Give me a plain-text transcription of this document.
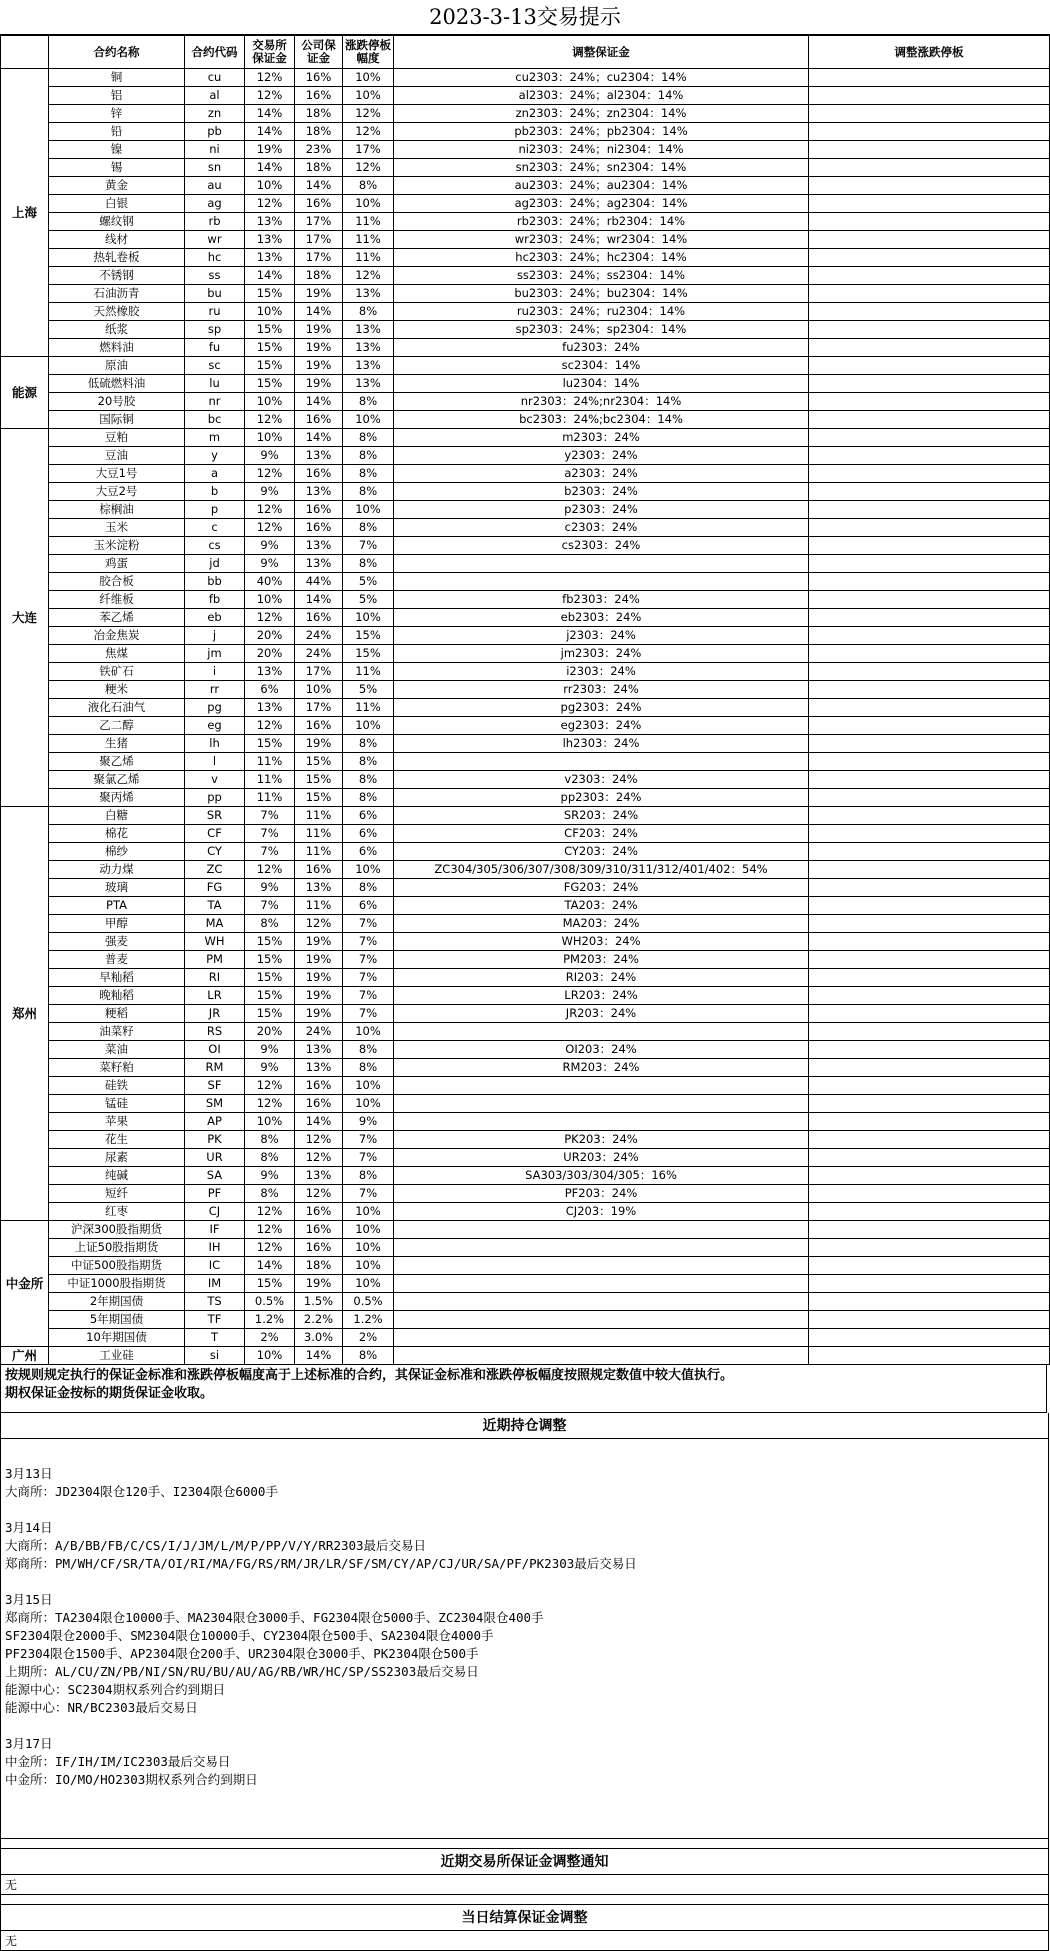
2023-3-13交易提示
	合约名称	合约代码	交易所保证金	公司保证金	涨跌停板幅度	调整保证金	调整涨跌停板
上海	铜	cu	12%	16%	10%	cu2303：24%；cu2304：14%	
	铝	al	12%	16%	10%	al2303：24%；al2304：14%	
	锌	zn	14%	18%	12%	zn2303：24%；zn2304：14%	
	铅	pb	14%	18%	12%	pb2303：24%；pb2304：14%	
	镍	ni	19%	23%	17%	ni2303：24%；ni2304：14%	
	锡	sn	14%	18%	12%	sn2303：24%；sn2304：14%	
	黄金	au	10%	14%	8%	au2303：24%；au2304：14%	
	白银	ag	12%	16%	10%	ag2303：24%；ag2304：14%	
	螺纹钢	rb	13%	17%	11%	rb2303：24%；rb2304：14%	
	线材	wr	13%	17%	11%	wr2303：24%；wr2304：14%	
	热轧卷板	hc	13%	17%	11%	hc2303：24%；hc2304：14%	
	不锈钢	ss	14%	18%	12%	ss2303：24%；ss2304：14%	
	石油沥青	bu	15%	19%	13%	bu2303：24%；bu2304：14%	
	天然橡胶	ru	10%	14%	8%	ru2303：24%；ru2304：14%	
	纸浆	sp	15%	19%	13%	sp2303：24%；sp2304：14%	
	燃料油	fu	15%	19%	13%	fu2303：24%	
能源	原油	sc	15%	19%	13%	sc2304：14%	
	低硫燃料油	lu	15%	19%	13%	lu2304：14%	
	20号胶	nr	10%	14%	8%	nr2303：24%;nr2304：14%	
	国际铜	bc	12%	16%	10%	bc2303：24%;bc2304：14%	
大连	豆粕	m	10%	14%	8%	m2303：24%	
	豆油	y	9%	13%	8%	y2303：24%	
	大豆1号	a	12%	16%	8%	a2303：24%	
	大豆2号	b	9%	13%	8%	b2303：24%	
	棕榈油	p	12%	16%	10%	p2303：24%	
	玉米	c	12%	16%	8%	c2303：24%	
	玉米淀粉	cs	9%	13%	7%	cs2303：24%	
	鸡蛋	jd	9%	13%	8%		
	胶合板	bb	40%	44%	5%		
	纤维板	fb	10%	14%	5%	fb2303：24%	
	苯乙烯	eb	12%	16%	10%	eb2303：24%	
	冶金焦炭	j	20%	24%	15%	j2303：24%	
	焦煤	jm	20%	24%	15%	jm2303：24%	
	铁矿石	i	13%	17%	11%	i2303：24%	
	粳米	rr	6%	10%	5%	rr2303：24%	
	液化石油气	pg	13%	17%	11%	pg2303：24%	
	乙二醇	eg	12%	16%	10%	eg2303：24%	
	生猪	lh	15%	19%	8%	lh2303：24%	
	聚乙烯	l	11%	15%	8%		
	聚氯乙烯	v	11%	15%	8%	v2303：24%	
	聚丙烯	pp	11%	15%	8%	pp2303：24%	
郑州	白糖	SR	7%	11%	6%	SR203：24%	
	棉花	CF	7%	11%	6%	CF203：24%	
	棉纱	CY	7%	11%	6%	CY203：24%	
	动力煤	ZC	12%	16%	10%	ZC304/305/306/307/308/309/310/311/312/401/402：54%	
	玻璃	FG	9%	13%	8%	FG203：24%	
	PTA	TA	7%	11%	6%	TA203：24%	
	甲醇	MA	8%	12%	7%	MA203：24%	
	强麦	WH	15%	19%	7%	WH203：24%	
	普麦	PM	15%	19%	7%	PM203：24%	
	早籼稻	RI	15%	19%	7%	RI203：24%	
	晚籼稻	LR	15%	19%	7%	LR203：24%	
	粳稻	JR	15%	19%	7%	JR203：24%	
	油菜籽	RS	20%	24%	10%		
	菜油	OI	9%	13%	8%	OI203：24%	
	菜籽粕	RM	9%	13%	8%	RM203：24%	
	硅铁	SF	12%	16%	10%		
	锰硅	SM	12%	16%	10%		
	苹果	AP	10%	14%	9%		
	花生	PK	8%	12%	7%	PK203：24%	
	尿素	UR	8%	12%	7%	UR203：24%	
	纯碱	SA	9%	13%	8%	SA303/303/304/305：16%	
	短纤	PF	8%	12%	7%	PF203：24%	
	红枣	CJ	12%	16%	10%	CJ203：19%	
中金所	沪深300股指期货	IF	12%	16%	10%		
	上证50股指期货	IH	12%	16%	10%		
	中证500股指期货	IC	14%	18%	10%		
	中证1000股指期货	IM	15%	19%	10%		
	2年期国债	TS	0.5%	1.5%	0.5%		
	5年期国债	TF	1.2%	2.2%	1.2%		
	10年期国债	T	2%	3.0%	2%		
广州	工业硅	si	10%	14%	8%		
按规则规定执行的保证金标准和涨跌停板幅度高于上述标准的合约，其保证金标准和涨跌停板幅度按照规定数值中较大值执行。
期权保证金按标的期货保证金收取。
近期持仓调整
3月13日
大商所：JD2304限仓120手、I2304限仓6000手
3月14日
大商所：A/B/BB/FB/C/CS/I/J/JM/L/M/P/PP/V/Y/RR2303最后交易日
郑商所：PM/WH/CF/SR/TA/OI/RI/MA/FG/RS/RM/JR/LR/SF/SM/CY/AP/CJ/UR/SA/PF/PK2303最后交易日
3月15日
郑商所：TA2304限仓10000手、MA2304限仓3000手、FG2304限仓5000手、ZC2304限仓400手
SF2304限仓2000手、SM2304限仓10000手、CY2304限仓500手、SA2304限仓4000手
PF2304限仓1500手、AP2304限仓200手、UR2304限仓3000手、PK2304限仓500手
上期所：AL/CU/ZN/PB/NI/SN/RU/BU/AU/AG/RB/WR/HC/SP/SS2303最后交易日
能源中心：SC2304期权系列合约到期日
能源中心：NR/BC2303最后交易日
3月17日
中金所：IF/IH/IM/IC2303最后交易日
中金所：IO/MO/HO2303期权系列合约到期日
近期交易所保证金调整通知
无
当日结算保证金调整
无
